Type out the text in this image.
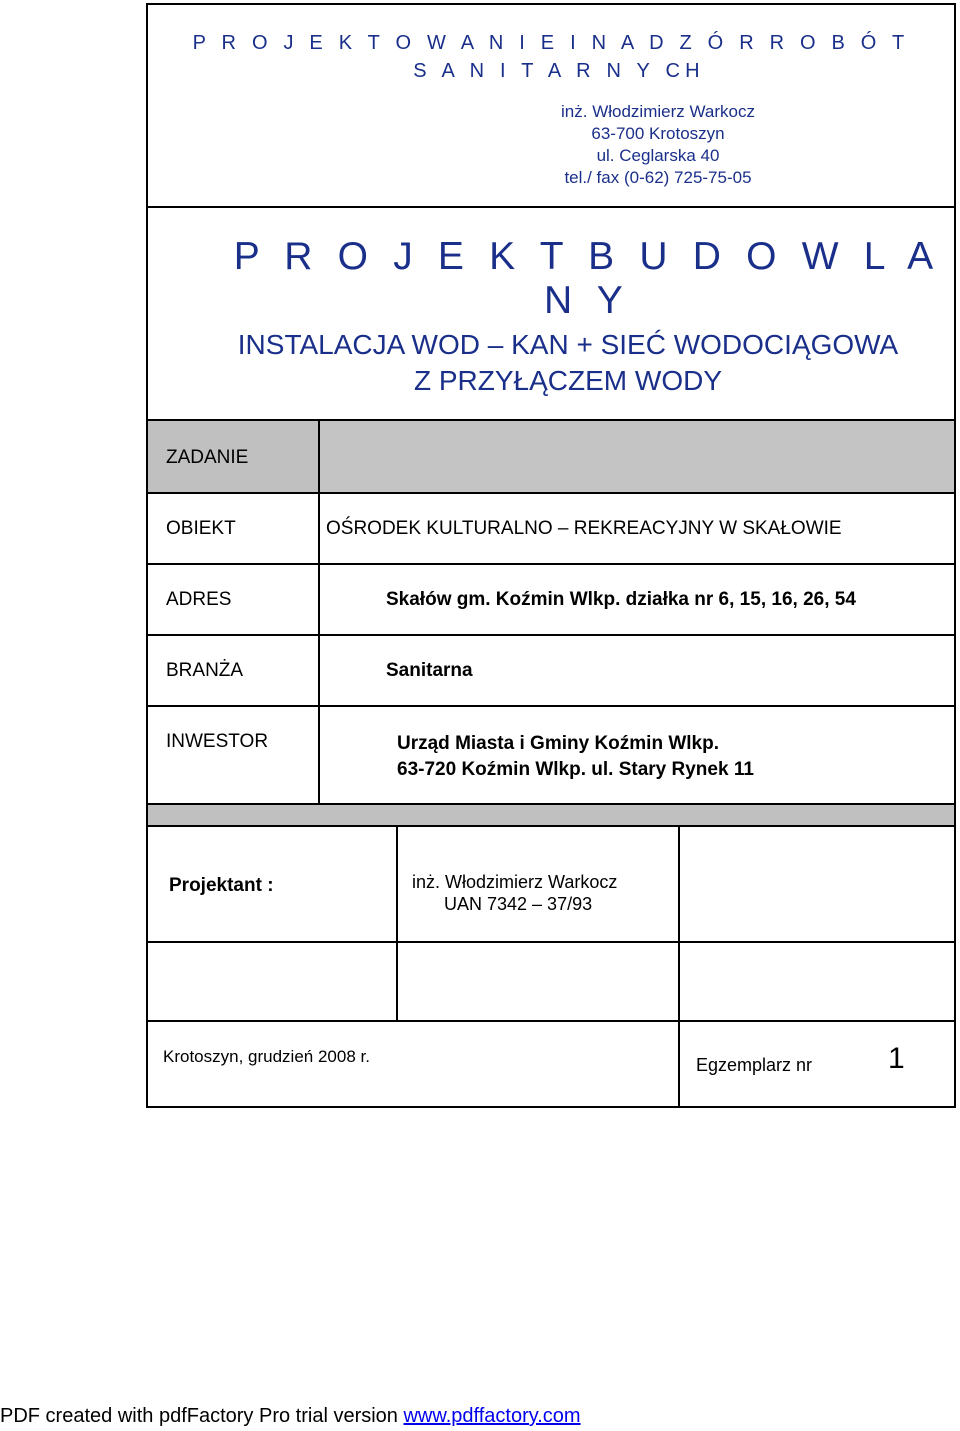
P R O J E K T O W A N I E I N A D Z Ó R R O B Ó T
S A N I T A R N Y CH
inż. Włodzimierz Warkocz
63-700 Krotoszyn
ul. Ceglarska 40
tel./ fax (0-62) 725-75-05
P R O J E K T B U D O W L A N Y
INSTALACJA WOD – KAN + SIEĆ WODOCIĄGOWA
Z PRZYŁĄCZEM WODY
ZADANIE
OBIEKT	OŚRODEK KULTURALNO – REKREACYJNY W SKAŁOWIE
ADRES	Skałów gm. Koźmin Wlkp. działka nr 6, 15, 16, 26, 54
BRANŻA	Sanitarna
INWESTOR	Urząd Miasta i Gminy Koźmin Wlkp.
63-720 Koźmin Wlkp. ul. Stary Rynek 11
Projektant :	inż. Włodzimierz Warkocz
UAN 7342 – 37/93
Krotoszyn, grudzień 2008 r.	Egzemplarz nr	1
PDF created with pdfFactory Pro trial version www.pdffactory.com
